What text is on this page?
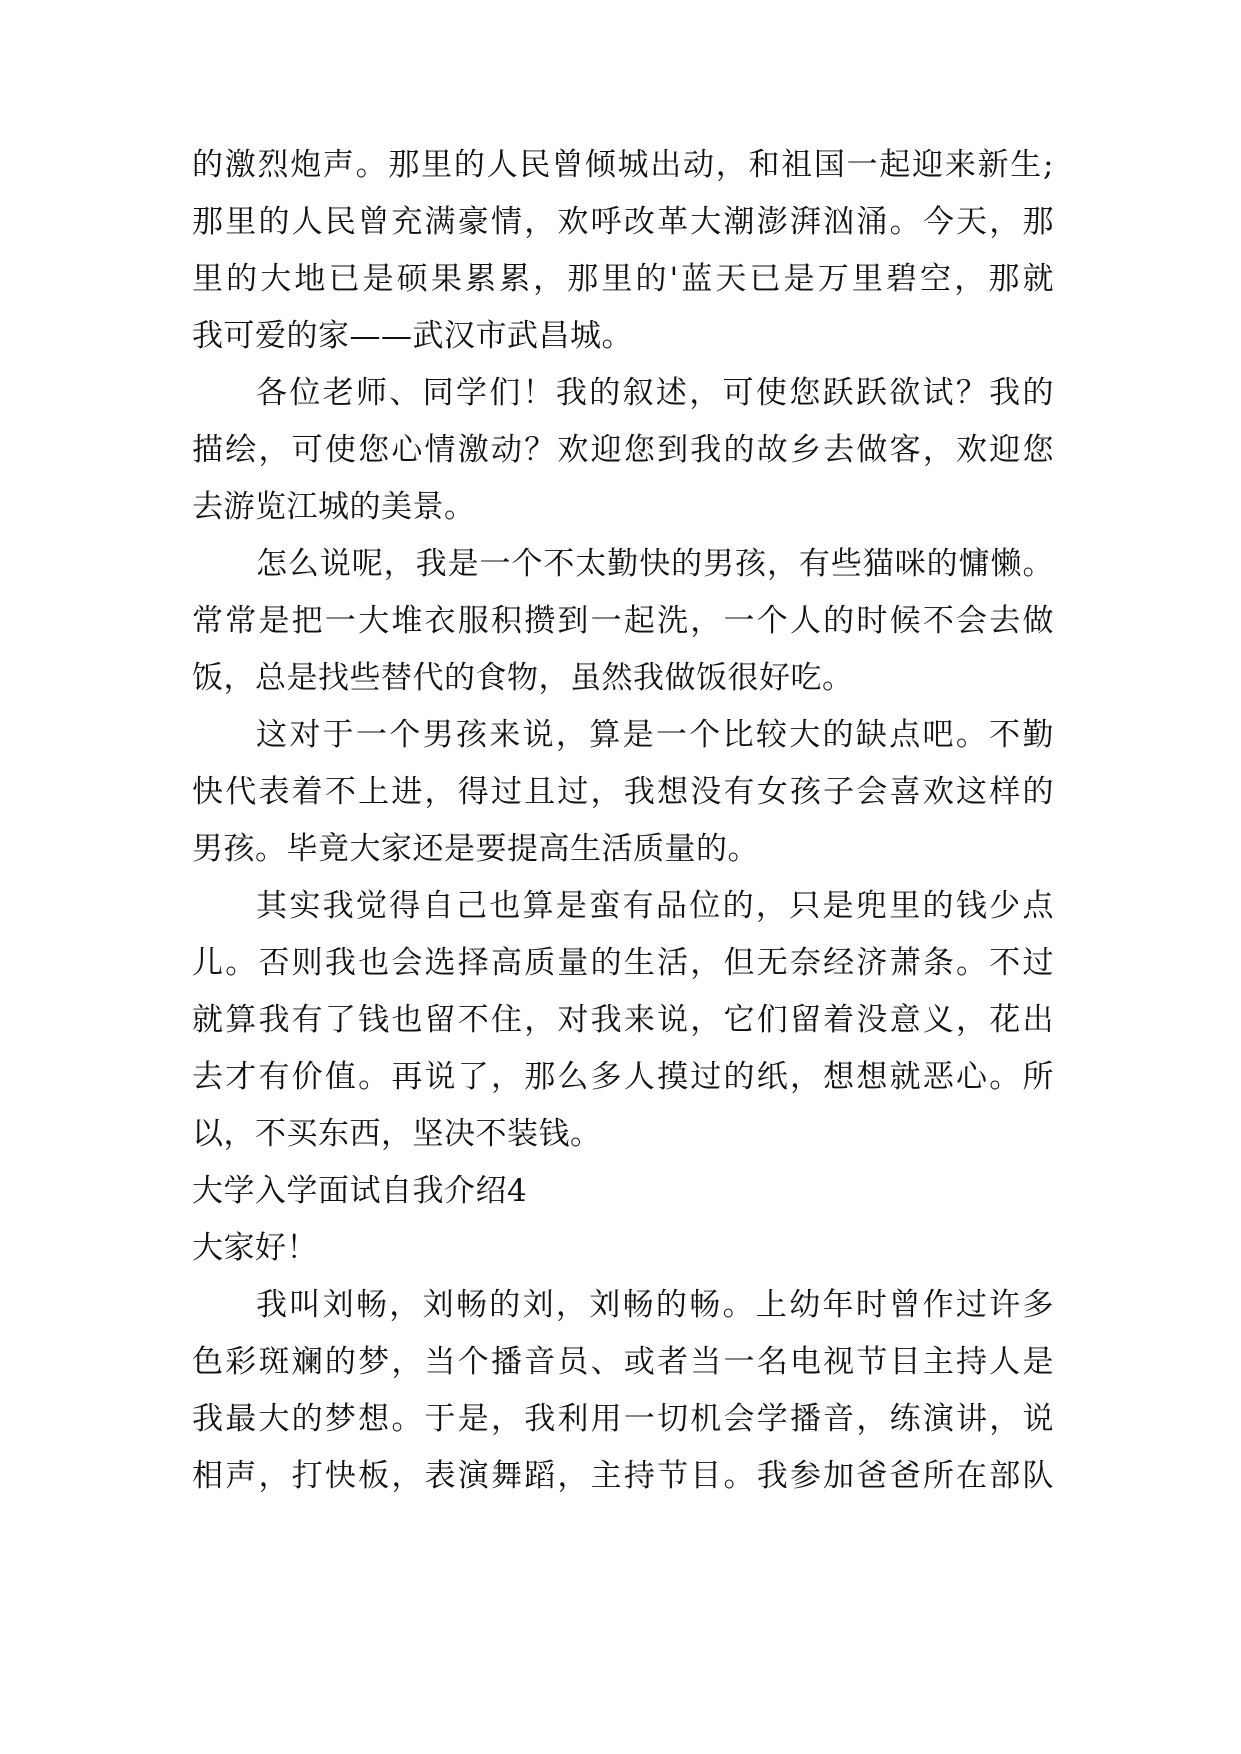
的激烈炮声。那里的人民曾倾城出动，和祖国一起迎来新生;
那里的人民曾充满豪情，欢呼改革大潮澎湃汹涌。今天，那
里的大地已是硕果累累，那里的'蓝天已是万里碧空，那就
我可爱的家——武汉市武昌城。
各位老师、同学们！我的叙述，可使您跃跃欲试？我的
描绘，可使您心情激动？欢迎您到我的故乡去做客，欢迎您
去游览江城的美景。
怎么说呢，我是一个不太勤快的男孩，有些猫咪的慵懒。
常常是把一大堆衣服积攒到一起洗，一个人的时候不会去做
饭，总是找些替代的食物，虽然我做饭很好吃。
这对于一个男孩来说，算是一个比较大的缺点吧。不勤
快代表着不上进，得过且过，我想没有女孩子会喜欢这样的
男孩。毕竟大家还是要提高生活质量的。
其实我觉得自己也算是蛮有品位的，只是兜里的钱少点
儿。否则我也会选择高质量的生活，但无奈经济萧条。不过
就算我有了钱也留不住，对我来说，它们留着没意义，花出
去才有价值。再说了，那么多人摸过的纸，想想就恶心。所
以，不买东西，坚决不装钱。
大学入学面试自我介绍4
大家好！
我叫刘畅，刘畅的刘，刘畅的畅。上幼年时曾作过许多
色彩斑斓的梦，当个播音员、或者当一名电视节目主持人是
我最大的梦想。于是，我利用一切机会学播音，练演讲，说
相声，打快板，表演舞蹈，主持节目。我参加爸爸所在部队
